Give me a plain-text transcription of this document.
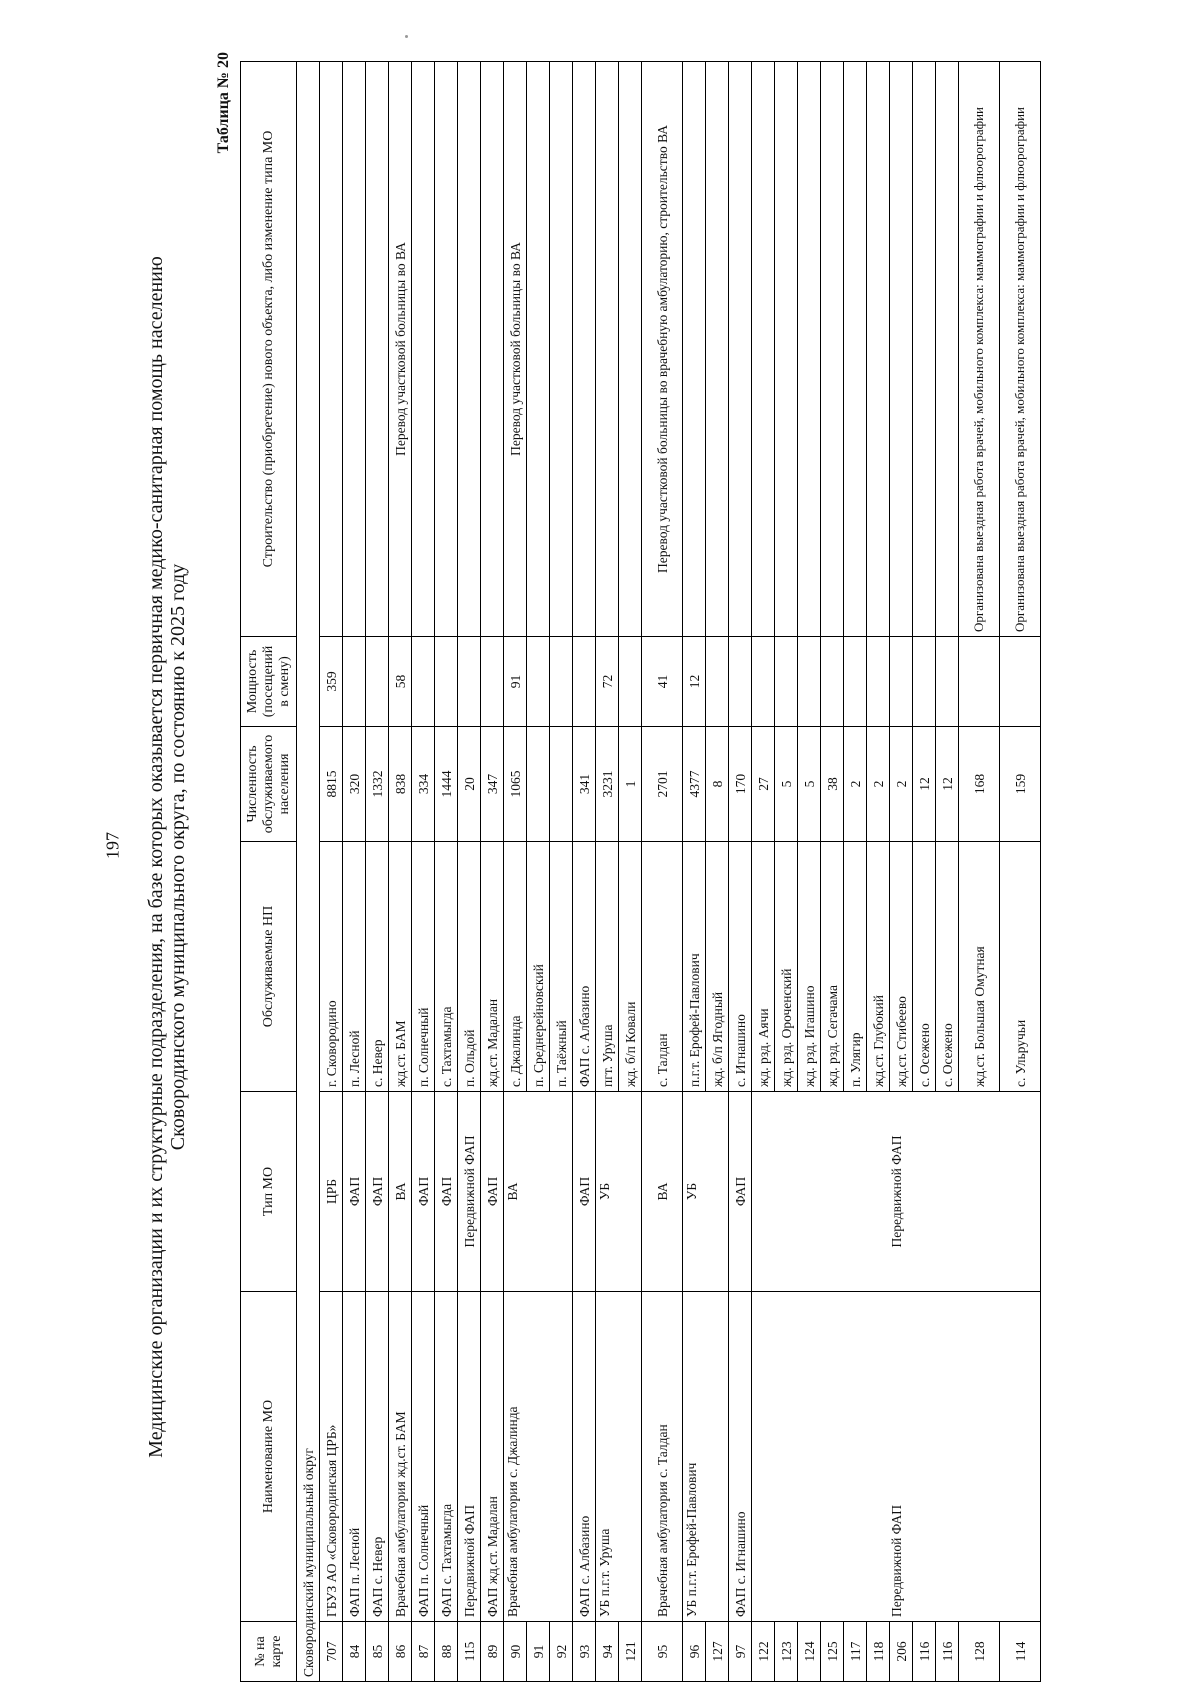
197 Медицинские организации и их структурные подразделения, на базе которых оказывается первичная медико-санитарная помощь населению Сковородинского муниципального округа, по состоянию к 2025 году
Таблица № 20
№ на карте	Наименование МО	Тип МО	Обслуживаемые НП	Численность обслуживаемого населения	Мощность (посещений в смену)	Строительство (приобретение) нового объекта, либо изменение типа МО
Сковородинский муниципальный округ						
707	ГБУЗ АО «Сковородинская ЦРБ»	ЦРБ	г. Сковородино	8815	359	
84	ФАП п. Лесной	ФАП	п. Лесной	320		
85	ФАП с. Невер	ФАП	с. Невер	1332		
86	Врачебная амбулатория жд.ст. БАМ	ВА	жд.ст. БАМ	838	58	Перевод участковой больницы во ВА
87	ФАП п. Солнечный	ФАП	п. Солнечный	334		
88	ФАП с. Тахтамыгда	ФАП	с. Тахтамыгда	1444		
115	Передвижной ФАП	Передвижной ФАП	п. Ольдой	20		
89	ФАП жд.ст. Мадалан	ФАП	жд.ст. Мадалан	347		
90	Врачебная амбулатория с. Джалинда	ВА	с. Джалинда	1065	91	Перевод участковой больницы во ВА
91			п. Среднерейновский			
92			п. Таёжный			
93	ФАП с. Албазино	ФАП	ФАП с. Албазино	341		
94	УБ п.г.т. Уруша	УБ	пгт. Уруша	3231	72	
121			жд. б/п Ковали	1		
95	Врачебная амбулатория с. Талдан	ВА	с. Талдан	2701	41	Перевод участковой больницы во врачебную амбулаторию, строительство ВА
96	УБ п.г.т. Ерофей-Павлович	УБ	п.г.т. Ерофей-Павлович	4377	12	
127			жд. б/п Ягодный	8		
97	ФАП с. Игнашино	ФАП	с. Игнашино	170		
122	Передвижной ФАП	Передвижной ФАП	жд. рзд. Аячи	27		
123			жд. рзд. Ороченский	5		
124			жд. рзд. Игашино	5		
125			жд. рзд. Сегачама	38		
117			п. Улягир	2		
118			жд.ст. Глубокий	2		
206			жд.ст. Стибеево	2		
116			с. Осежено	12		
116			с. Осежено	12		
128			жд.ст. Большая Омутная	168		Организована выездная работа врачей, мобильного комплекса: маммографии и флюорографии
114			с. Ульручьи	159		Организована выездная работа врачей, мобильного комплекса: маммографии и флюорографии
